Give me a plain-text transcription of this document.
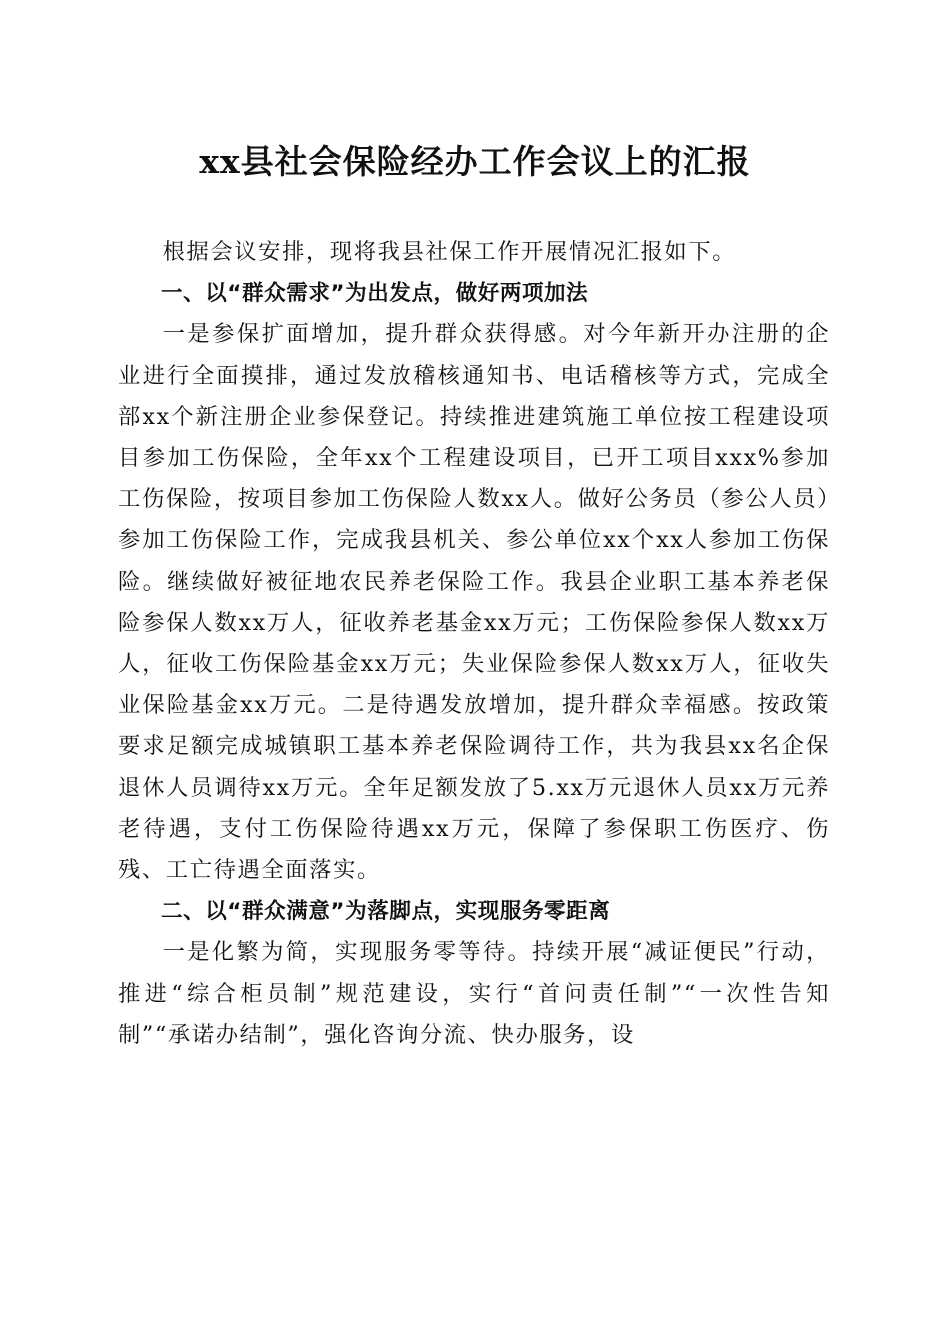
xx县社会保险经办工作会议上的汇报

根据会议安排，现将我县社保工作开展情况汇报如下。

一、以“群众需求”为出发点，做好两项加法

一是参保扩面增加，提升群众获得感。对今年新开办注册的企业进行全面摸排，通过发放稽核通知书、电话稽核等方式，完成全部xx个新注册企业参保登记。持续推进建筑施工单位按工程建设项目参加工伤保险，全年xx个工程建设项目，已开工项目xxx%参加工伤保险，按项目参加工伤保险人数xx人。做好公务员（参公人员）参加工伤保险工作，完成我县机关、参公单位xx个xx人参加工伤保险。继续做好被征地农民养老保险工作。我县企业职工基本养老保险参保人数xx万人，征收养老基金xx万元；工伤保险参保人数xx万人，征收工伤保险基金xx万元；失业保险参保人数xx万人，征收失业保险基金xx万元。二是待遇发放增加，提升群众幸福感。按政策要求足额完成城镇职工基本养老保险调待工作，共为我县xx名企保退休人员调待xx万元。全年足额发放了5.xx万元退休人员xx万元养老待遇，支付工伤保险待遇xx万元，保障了参保职工伤医疗、伤残、工亡待遇全面落实。

二、以“群众满意”为落脚点，实现服务零距离

一是化繁为简，实现服务零等待。持续开展“减证便民”行动，推进“综合柜员制”规范建设，实行“首问责任制”“一次性告知制”“承诺办结制”，强化咨询分流、快办服务，设
